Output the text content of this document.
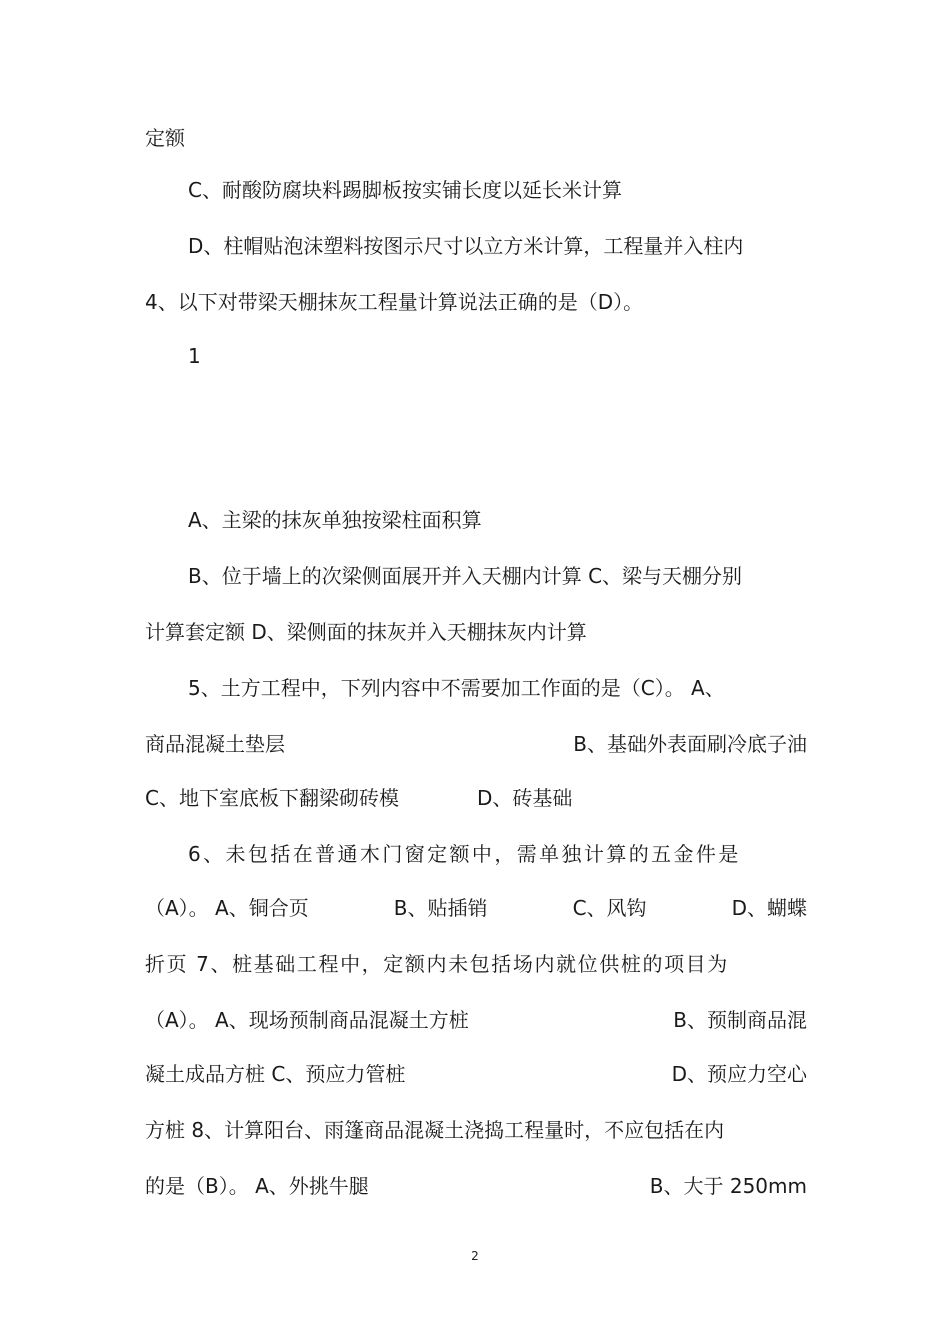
定额
C、耐酸防腐块料踢脚板按实铺长度以延长米计算
D、柱帽贴泡沫塑料按图示尺寸以立方米计算，工程量并入柱内
4、以下对带梁天棚抹灰工程量计算说法正确的是（D）。
1
A、主梁的抹灰单独按梁柱面积算
B、位于墙上的次梁侧面展开并入天棚内计算 C、梁与天棚分别
计算套定额 D、梁侧面的抹灰并入天棚抹灰内计算
5、土方工程中，下列内容中不需要加工作面的是（C）。 A、
商品混凝土垫层	B、基础外表面刷冷底子油
C、地下室底板下翻梁砌砖模	D、砖基础
6、未包括在普通木门窗定额中，需单独计算的五金件是
（A）。 A、铜合页	B、贴插销	C、风钩	D、蝴蝶
折页 7、桩基础工程中，定额内未包括场内就位供桩的项目为
（A）。 A、现场预制商品混凝土方桩	B、预制商品混
凝土成品方桩 C、预应力管桩	D、预应力空心
方桩 8、计算阳台、雨篷商品混凝土浇捣工程量时，不应包括在内
的是（B）。 A、外挑牛腿	B、大于 250mm
2
